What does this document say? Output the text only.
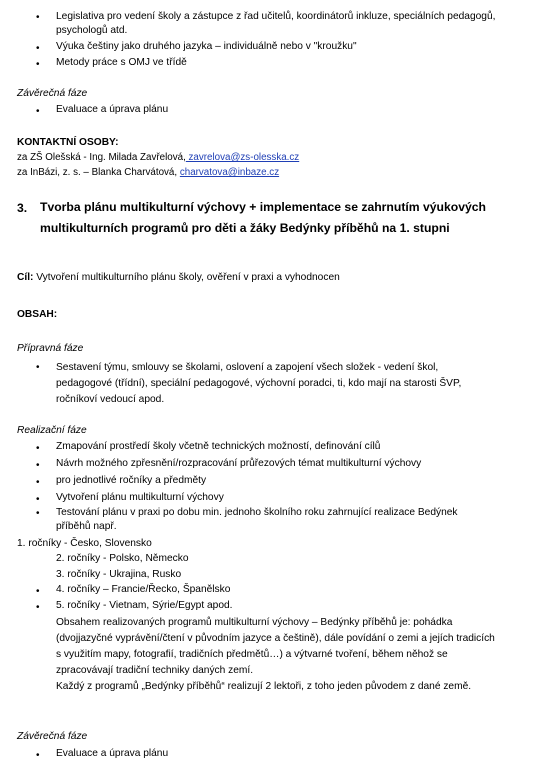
• Legislativa pro vedení školy a zástupce z řad učitelů, koordinátorů inkluze, speciálních pedagogů, psychologů atd.
• Výuka češtiny jako druhého jazyka – individuálně nebo v "kroužku"
• Metody práce s OMJ ve třídě
Závěrečná fáze
• Evaluace a úprava plánu
KONTAKTNÍ OSOBY:
za ZŠ Olešská - Ing. Milada Zavřelová, zavrelova@zs-olesska.cz
za InBázi, z. s. – Blanka Charvátová, charvatova@inbaze.cz
3. Tvorba plánu multikulturní výchovy + implementace se zahrnutím výukových multikulturních programů pro děti a žáky Bedýnky příběhů na 1. stupni
Cíl: Vytvoření multikulturního plánu školy, ověření v praxi a vyhodnocen
OBSAH:
Přípravná fáze
• Sestavení týmu, smlouvy se školami, oslovení a zapojení všech složek - vedení škol, pedagogové (třídní), speciální pedagogové, výchovní poradci, ti, kdo mají na starosti ŠVP, ročníkoví vedoucí apod.
Realizační fáze
• Zmapování prostředí školy včetně technických možností, definování cílů
• Návrh možného zpřesnění/rozpracování průřezových témat multikulturní výchovy
• pro jednotlivé ročníky a předměty
• Vytvoření plánu multikulturní výchovy
• Testování plánu v praxi po dobu min. jednoho školního roku zahrnující realizace Bedýnek příběhů např.
1. ročníky - Česko, Slovensko
2. ročníky - Polsko, Německo
3. ročníky - Ukrajina, Rusko
• 4. ročníky – Francie/Řecko, Španělsko
• 5. ročníky - Vietnam, Sýrie/Egypt apod.
Obsahem realizovaných programů multikulturní výchovy – Bedýnky příběhů je: pohádka (dvojjazyčné vyprávění/čtení v původním jazyce a češtině), dále povídání o zemi a jejích tradicích s využitím mapy, fotografií, tradičních předmětů…) a výtvarné tvoření, během něhož se zpracovávají tradiční techniky daných zemí.
Každý z programů „Bedýnky příběhů“ realizují 2 lektoři, z toho jeden původem z dané země.
Závěrečná fáze
• Evaluace a úprava plánu
